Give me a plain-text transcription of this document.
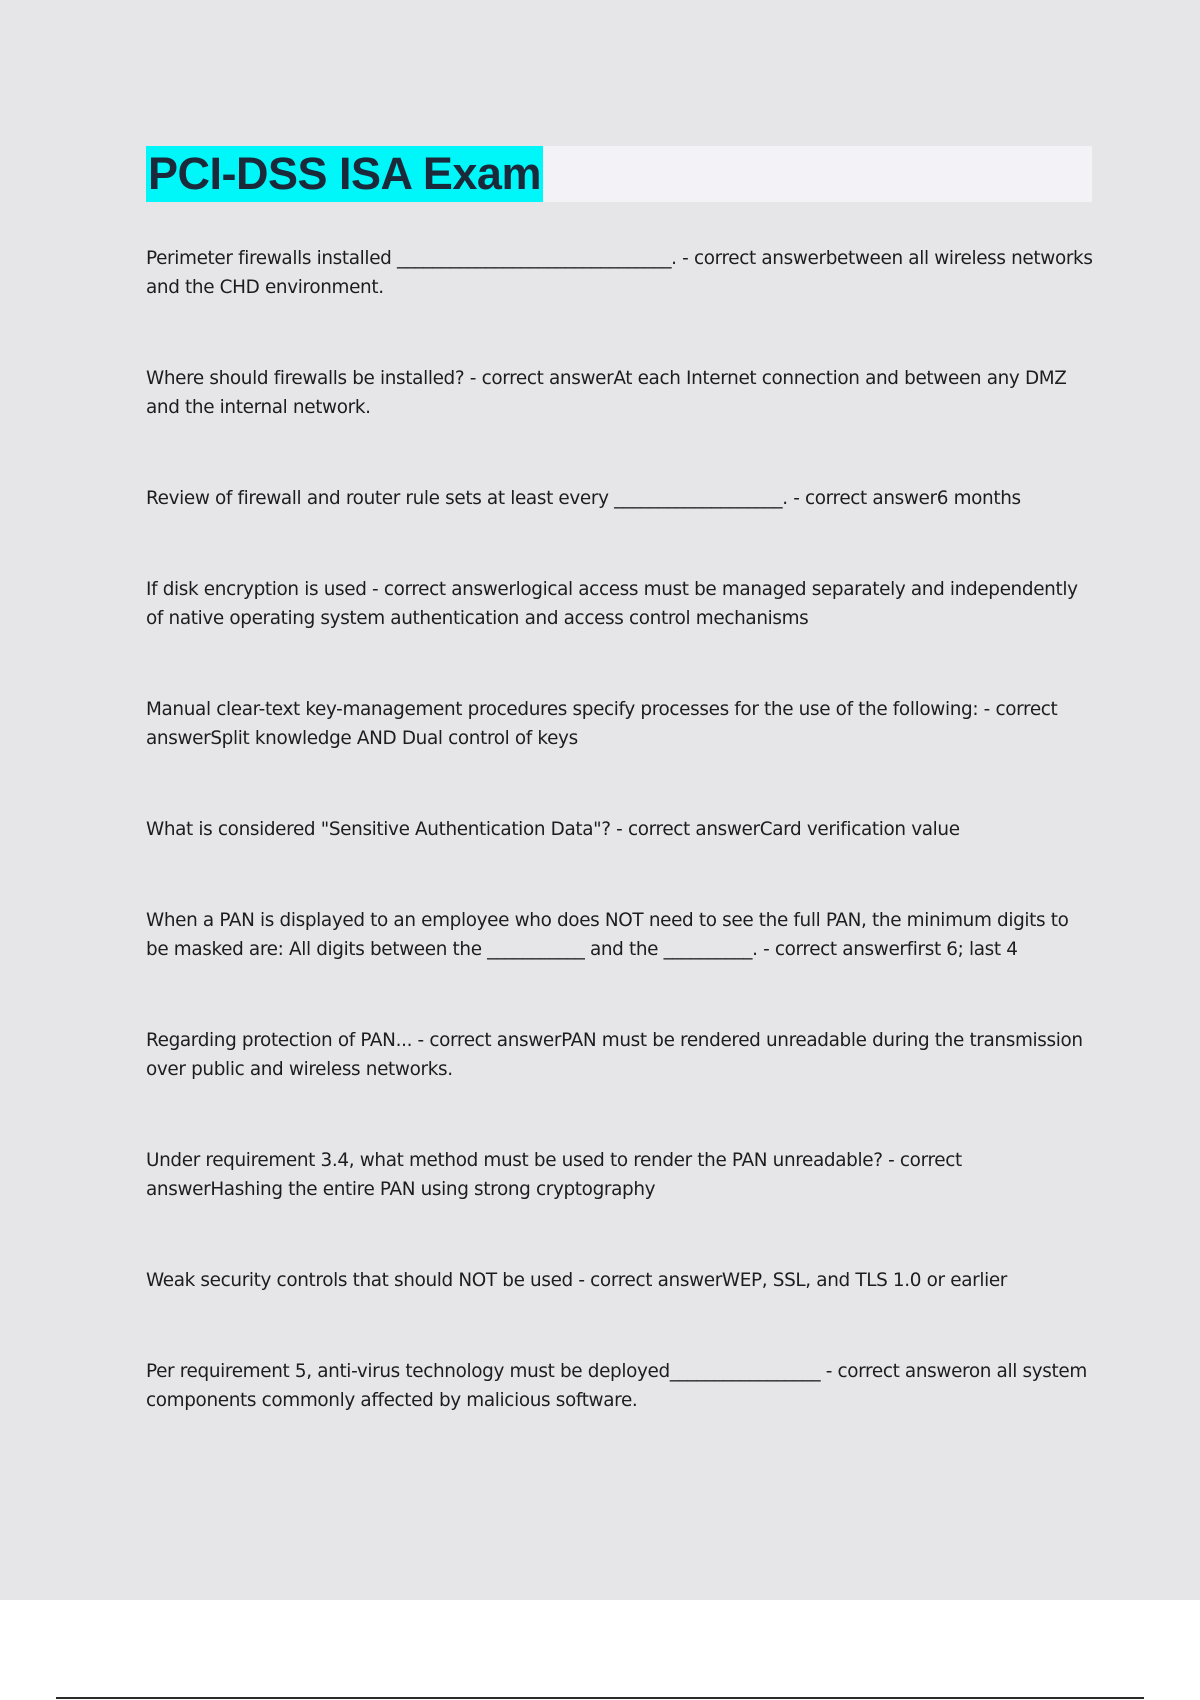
PCI-DSS ISA Exam
Perimeter firewalls installed _______________________________. - correct answerbetween all wireless networks and the CHD environment.
Where should firewalls be installed? - correct answerAt each Internet connection and between any DMZ and the internal network.
Review of firewall and router rule sets at least every ___________________. - correct answer6 months
If disk encryption is used - correct answerlogical access must be managed separately and independently of native operating system authentication and access control mechanisms
Manual clear-text key-management procedures specify processes for the use of the following: - correct answerSplit knowledge AND Dual control of keys
What is considered "Sensitive Authentication Data"? - correct answerCard verification value
When a PAN is displayed to an employee who does NOT need to see the full PAN, the minimum digits to be masked are: All digits between the ___________ and the __________. - correct answerfirst 6; last 4
Regarding protection of PAN... - correct answerPAN must be rendered unreadable during the transmission over public and wireless networks.
Under requirement 3.4, what method must be used to render the PAN unreadable? - correct answerHashing the entire PAN using strong cryptography
Weak security controls that should NOT be used - correct answerWEP, SSL, and TLS 1.0 or earlier
Per requirement 5, anti-virus technology must be deployed_________________ - correct answeron all system components commonly affected by malicious software.
